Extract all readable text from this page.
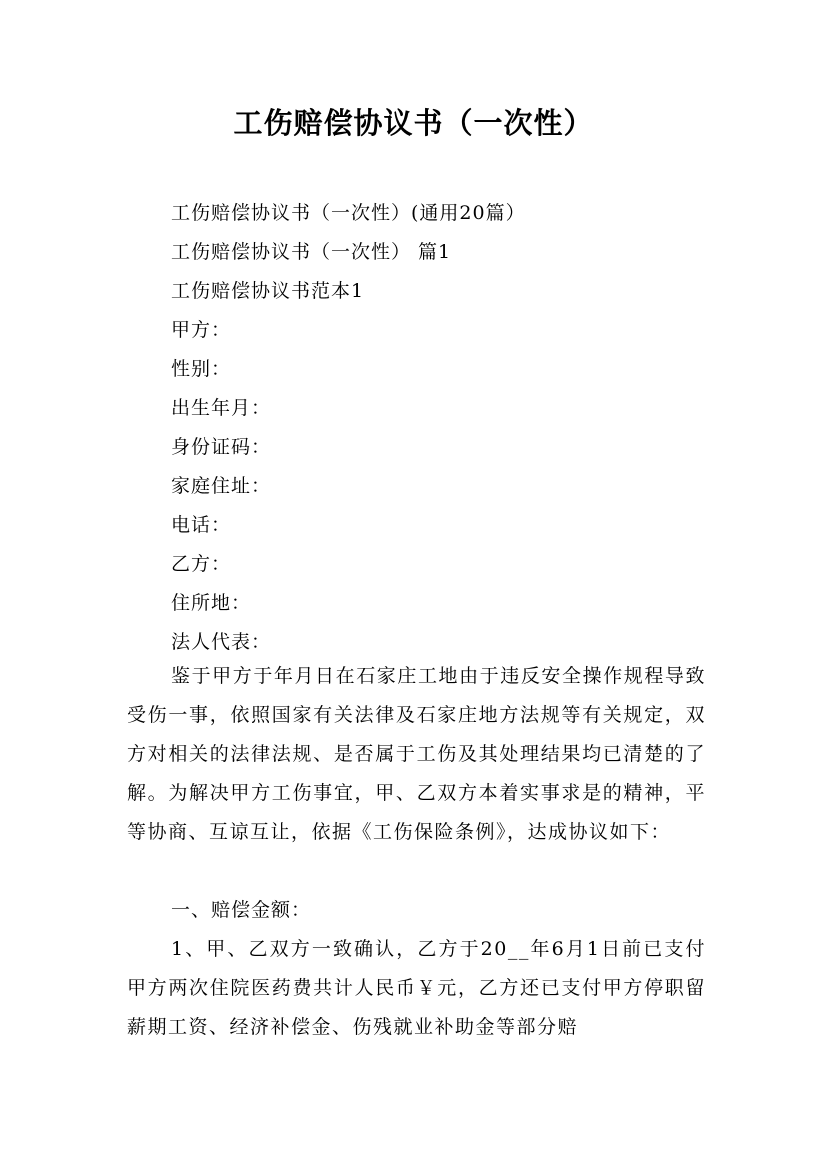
工伤赔偿协议书（一次性）
工伤赔偿协议书（一次性）(通用20篇）
工伤赔偿协议书（一次性） 篇1
工伤赔偿协议书范本1
甲方：
性别：
出生年月：
身份证码：
家庭住址：
电话：
乙方：
住所地：
法人代表：

鉴于甲方于年月日在石家庄工地由于违反安全操作规程导致受伤一事，依照国家有关法律及石家庄地方法规等有关规定，双方对相关的法律法规、是否属于工伤及其处理结果均已清楚的了解。为解决甲方工伤事宜，甲、乙双方本着实事求是的精神，平等协商、互谅互让，依据《工伤保险条例》，达成协议如下：

一、赔偿金额：

1、甲、乙双方一致确认，乙方于20__年6月1日前已支付甲方两次住院医药费共计人民币￥元，乙方还已支付甲方停职留薪期工资、经济补偿金、伤残就业补助金等部分赔
